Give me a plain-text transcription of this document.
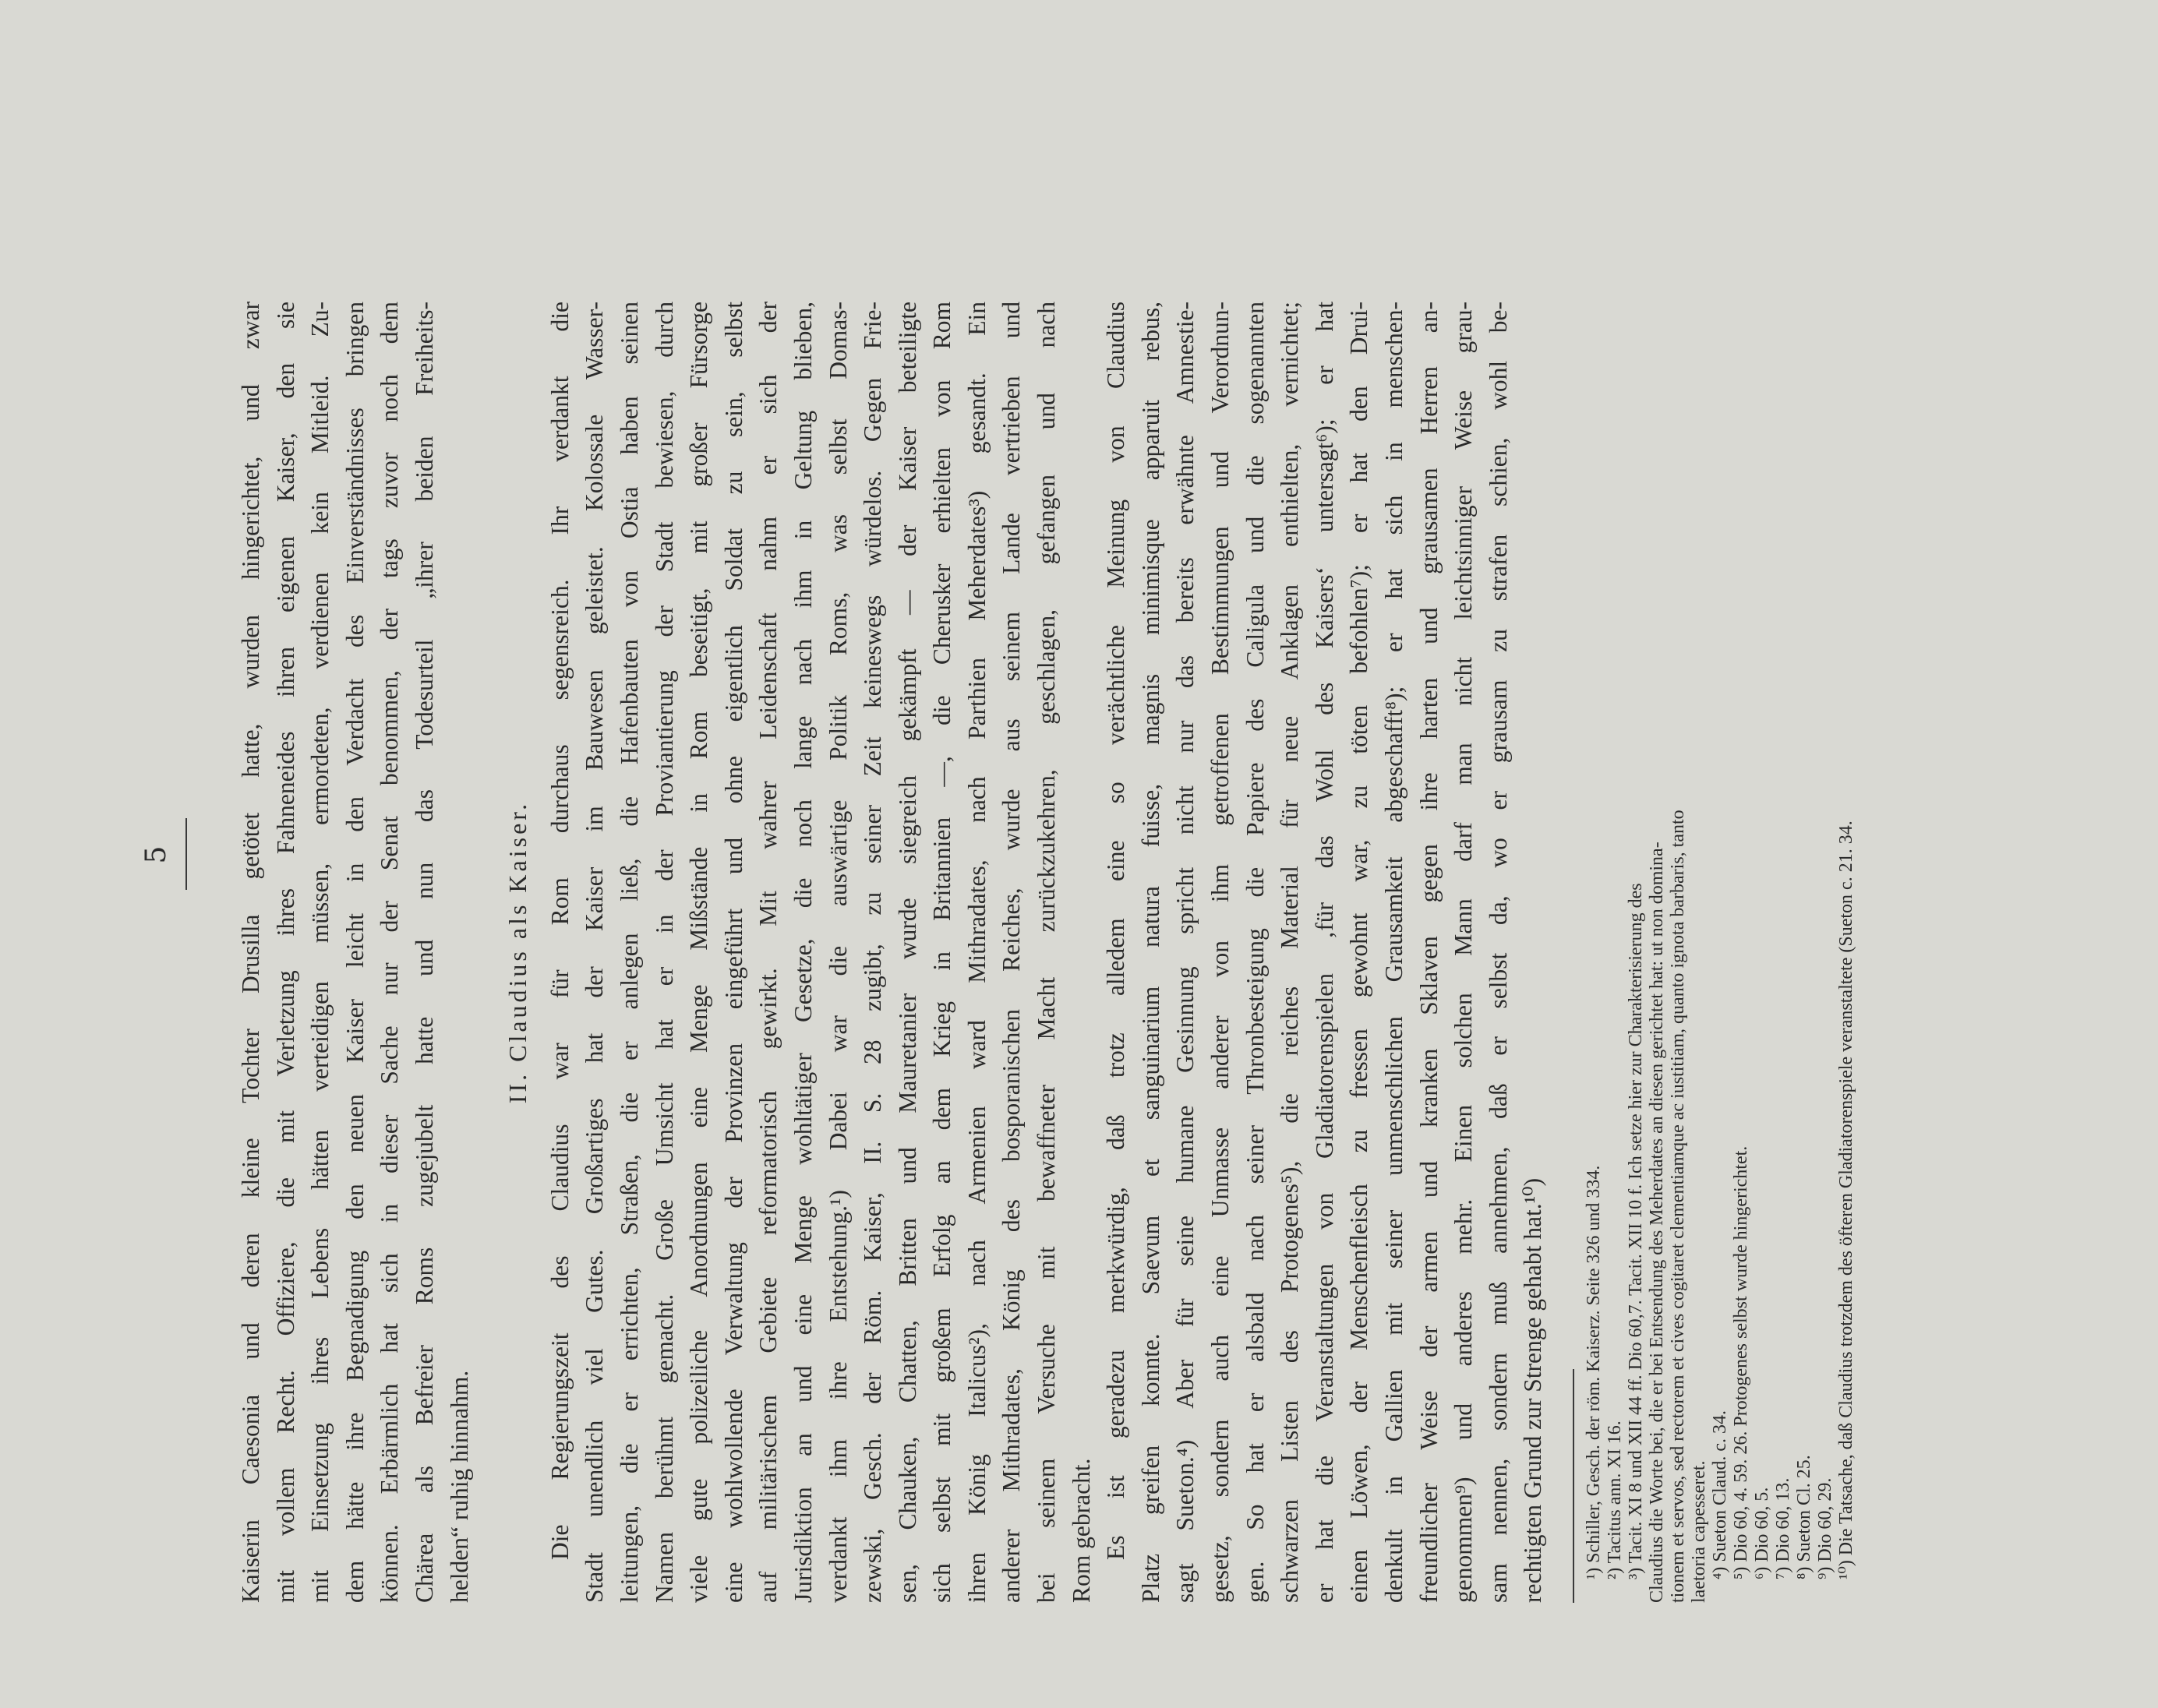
5	Kaiserin Caesonia und deren kleine Tochter Drusilla getötet hatte, wurden hingerichtet, und zwar mit vollem Recht. Offiziere, die mit Verletzung ihres Fahneneides ihren eigenen Kaiser, den sie mit Einsetzung ihres Lebens hätten verteidigen müssen, ermordeten, verdienen kein Mitleid. Zu- dem hätte ihre Begnadigung den neuen Kaiser leicht in den Verdacht des Einverständnisses bringen können. Erbärmlich hat sich in dieser Sache nur der Senat benommen, der tags zuvor noch dem Chärea als Befreier Roms zugejubelt hatte und nun das Todesurteil „ihrer beiden Freiheits- helden“ ruhig hinnahm.
II. Claudius als Kaiser. Die Regierungszeit des Claudius war für Rom durchaus segensreich. Ihr verdankt die Stadt unendlich viel Gutes. Großartiges hat der Kaiser im Bauwesen geleistet. Kolossale Wasser- leitungen, die er errichten, Straßen, die er anlegen ließ, die Hafenbauten von Ostia haben seinen Namen berühmt gemacht. Große Umsicht hat er in der Proviantierung der Stadt bewiesen, durch viele gute polizeiliche Anordnungen eine Menge Mißstände in Rom beseitigt, mit großer Fürsorge eine wohlwollende Verwaltung der Provinzen eingeführt und ohne eigentlich Soldat zu sein, selbst auf militärischem Gebiete reformatorisch gewirkt. Mit wahrer Leidenschaft nahm er sich der Jurisdiktion an und eine Menge wohltätiger Gesetze, die noch lange nach ihm in Geltung blieben, verdankt ihm ihre Entstehung.¹) Dabei war die auswärtige Politik Roms, was selbst Domas- zewski, Gesch. der Röm. Kaiser, II. S. 28 zugibt, zu seiner Zeit keineswegs würdelos. Gegen Frie- sen, Chauken, Chatten, Britten und Mauretanier wurde siegreich gekämpft — der Kaiser beteiligte sich selbst mit großem Erfolg an dem Krieg in Britannien —, die Cherusker erhielten von Rom ihren König Italicus²), nach Armenien ward Mithradates, nach Parthien Meherdates³) gesandt. Ein anderer Mithradates, König des bosporanischen Reiches, wurde aus seinem Lande vertrieben und bei seinem Versuche mit bewaffneter Macht zurückzukehren, geschlagen, gefangen und nach Rom gebracht. Es ist geradezu merkwürdig, daß trotz alledem eine so verächtliche Meinung von Claudius Platz greifen konnte. Saevum et sanguinarium natura fuisse, magnis minimisque apparuit rebus, sagt Sueton.⁴) Aber für seine humane Gesinnung spricht nicht nur das bereits erwähnte Amnestie- gesetz, sondern auch eine Unmasse anderer von ihm getroffenen Bestimmungen und Verordnun- gen. So hat er alsbald nach seiner Thronbesteigung die Papiere des Caligula und die sogenannten schwarzen Listen des Protogenes⁵), die reiches Material für neue Anklagen enthielten, vernichtet; er hat die Veranstaltungen von Gladiatorenspielen ‚für das Wohl des Kaisers‘ untersagt⁶); er hat einen Löwen, der Menschenfleisch zu fressen gewohnt war, zu töten befohlen⁷); er hat den Drui- denkult in Gallien mit seiner unmenschlichen Grausamkeit abgeschafft⁸); er hat sich in menschen- freundlicher Weise der armen und kranken Sklaven gegen ihre harten und grausamen Herren an- genommen⁹) und anderes mehr. Einen solchen Mann darf man nicht leichtsinniger Weise grau- sam nennen, sondern muß annehmen, daß er selbst da, wo er grausam zu strafen schien, wohl be- rechtigten Grund zur Strenge gehabt hat.¹⁰) ¹) Schiller, Gesch. der röm. Kaiserz. Seite 326 und 334. ²) Tacitus ann. XI 16. ³) Tacit. XI 8 und XII 44 ff. Dio 60,7. Tacit. XII 10 f. Ich setze hier zur Charakterisierung des Claudius die Worte bei, die er bei Entsendung des Meherdates an diesen gerichtet hat: ut non domina- tionem et servos, sed rectorem et cives cogitaret clementiamque ac iustitiam, quanto ignota barbaris, tanto laetoria capesseret. ⁴) Sueton Claud. c. 34. ⁵) Dio 60, 4. 59. 26. Protogenes selbst wurde hingerichtet. ⁶) Dio 60, 5. ⁷) Dio 60, 13. ⁸) Sueton Cl. 25. ⁹) Dio 60, 29. ¹⁰) Die Tatsache, daß Claudius trotzdem des öfteren Gladiatorenspiele veranstaltete (Sueton c. 21. 34.
